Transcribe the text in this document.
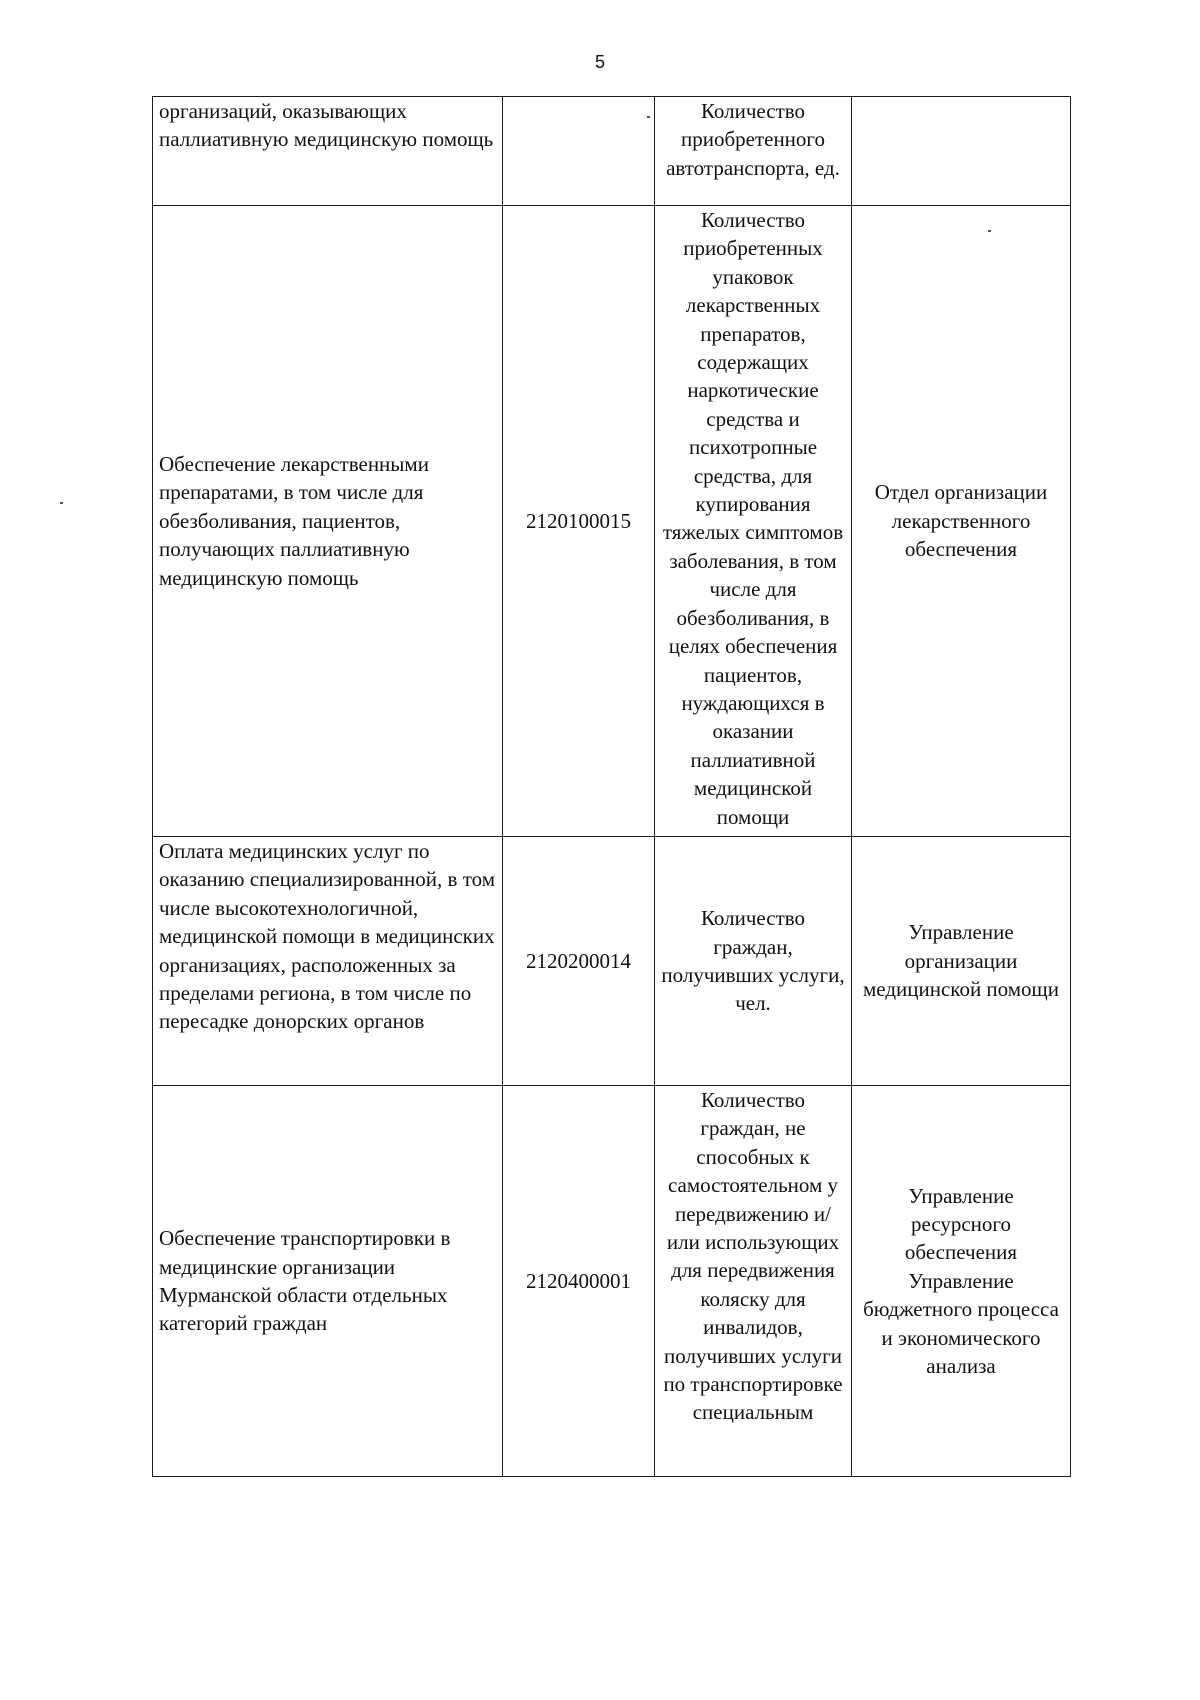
5
организаций, оказывающих паллиативную медицинскую помощь		Количество приобретенного автотранспорта, ед.	
Обеспечение лекарственными препаратами, в том числе для обезболивания, пациентов, получающих паллиативную медицинскую помощь	2120100015	Количество приобретенных упаковок лекарственных препаратов, содержащих наркотические средства и психотропные средства, для купирования тяжелых симптомов заболевания, в том числе для обезболивания, в целях обеспечения пациентов, нуждающихся в оказании паллиативной медицинской помощи	Отдел организации лекарственного обеспечения
Оплата медицинских услуг по оказанию специализированной, в том числе высокотехнологичной, медицинской помощи в медицинских организациях, расположенных за пределами региона, в том числе по пересадке донорских органов	2120200014	Количество граждан, получивших услуги, чел.	Управление организации медицинской помощи
Обеспечение транспортировки в медицинские организации Мурманской области отдельных категорий граждан	2120400001	Количество граждан, не способных к самостоятельном у передвижению и/или использующих для передвижения коляску для инвалидов, получивших услуги по транспортировке специальным	Управление ресурсного обеспечения Управление бюджетного процесса и экономического анализа
